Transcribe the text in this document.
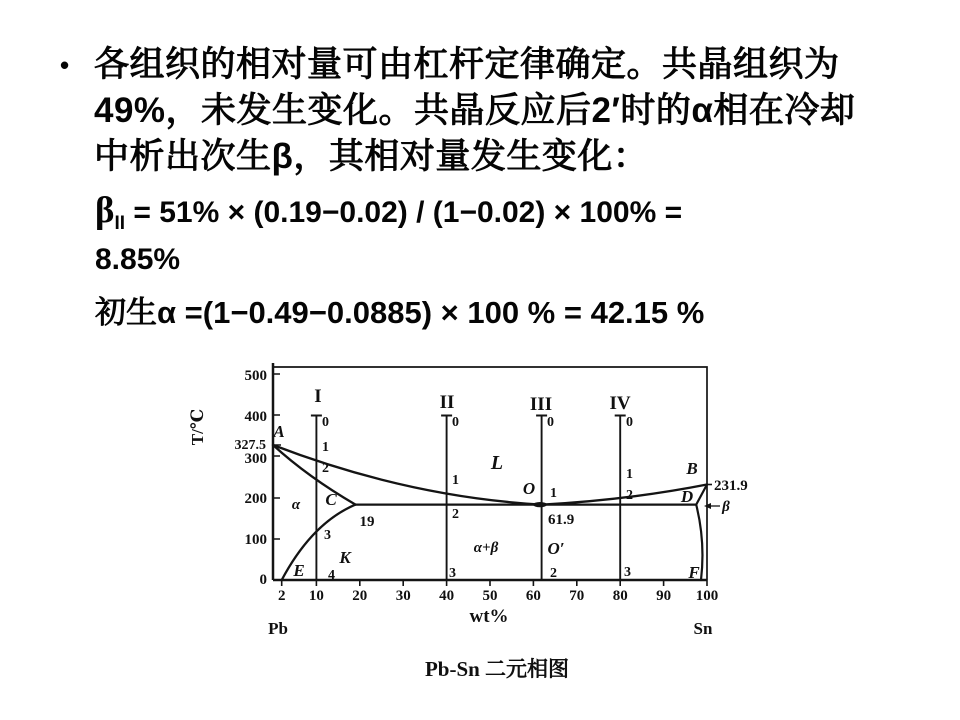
• 各组织的相对量可由杠杆定律确定。共晶组织为
49%，未发生变化。共晶反应后2′时的α相在冷却
中析出次生β，其相对量发生变化：
$\beta_{II} = 51\% \times (0.19-0.02) / (1-0.02) \times 100\%$ =
8.85%
初生α =(1−0.49−0.0885) × 100 % = 42.15 %
500
400
327.5
300
200
100
0
2 10 20 30 40 50 60 70 80 90 100
I	II	III	IV
0
1
2
3
4
0
1
2
3
0
1
2
0
1
2
3
A
B
C	D
E	F
K
O
O′
L
α	β
α+β
19	61.9
231.9
T/℃
wt%
Pb	Sn
Pb-Sn 二元相图
